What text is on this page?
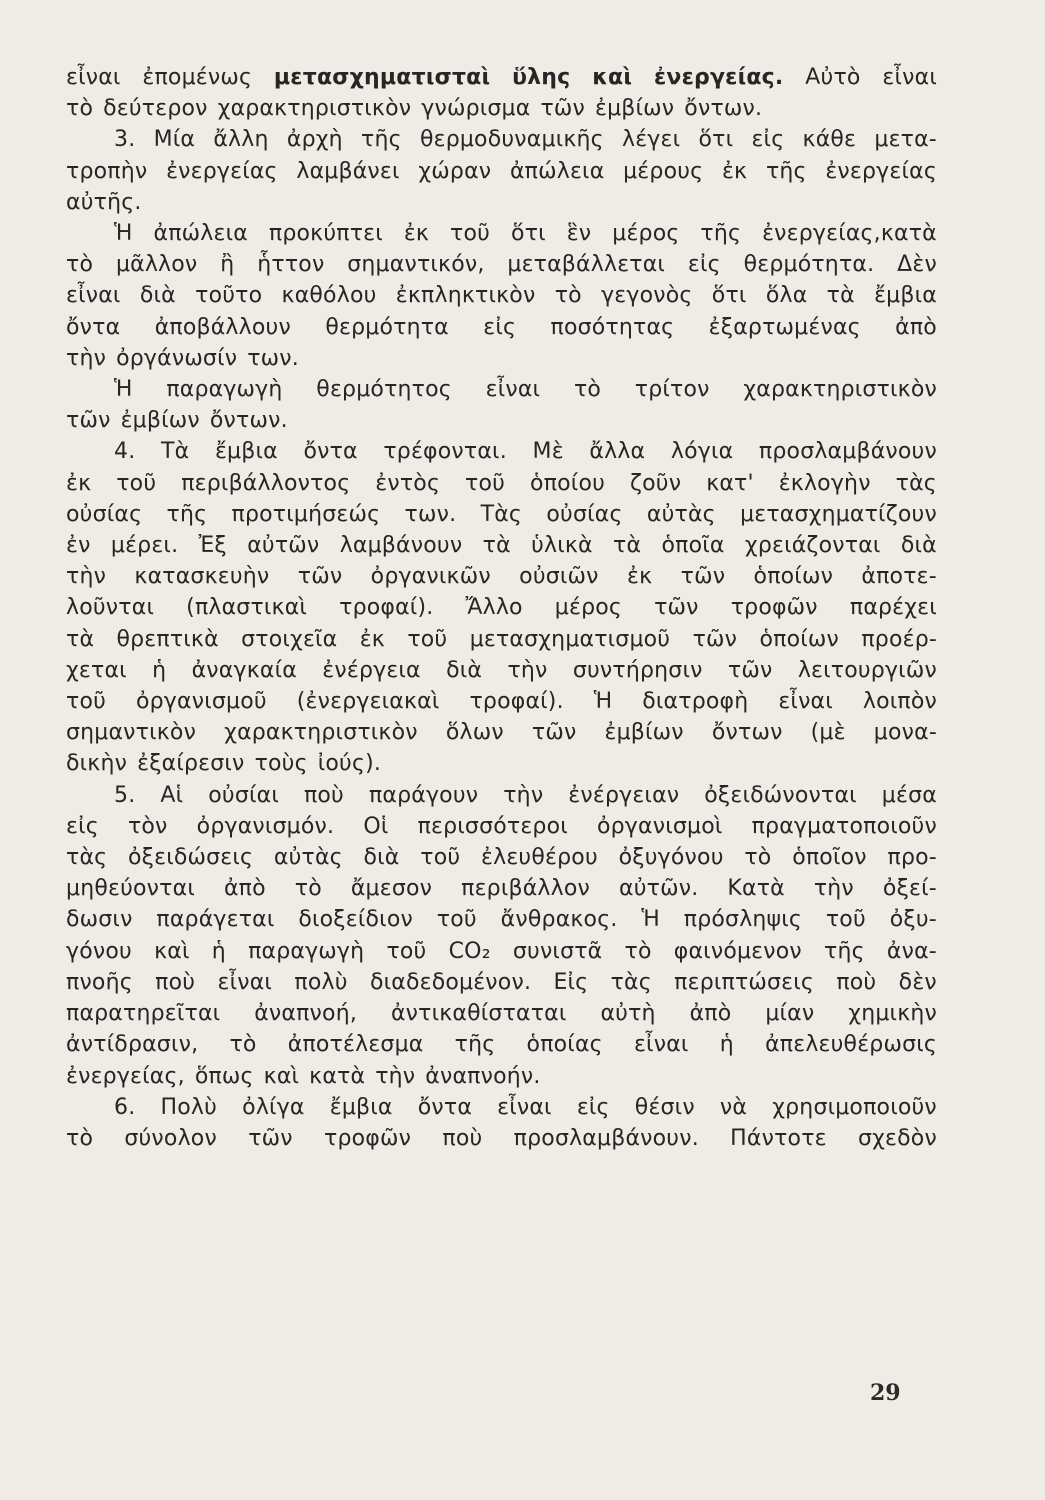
εἶναι ἐπομένως μετασχηματισταὶ ὕλης καὶ ἐνεργείας. Αὐτὸ εἶναι
τὸ δεύτερον χαρακτηριστικὸν γνώρισμα τῶν ἐμβίων ὄντων.
3. Μία ἄλλη ἀρχὴ τῆς θερμοδυναμικῆς λέγει ὅτι εἰς κάθε μετα-
τροπὴν ἐνεργείας λαμβάνει χώραν ἀπώλεια μέρους ἐκ τῆς ἐνεργείας
αὐτῆς.
Ἡ ἀπώλεια προκύπτει ἐκ τοῦ ὅτι ἓν μέρος τῆς ἐνεργείας,κατὰ
τὸ μᾶλλον ἢ ἧττον σημαντικόν, μεταβάλλεται εἰς θερμότητα. Δὲν
εἶναι διὰ τοῦτο καθόλου ἐκπληκτικὸν τὸ γεγονὸς ὅτι ὅλα τὰ ἔμβια
ὄντα ἀποβάλλουν θερμότητα εἰς ποσότητας ἐξαρτωμένας ἀπὸ
τὴν ὀργάνωσίν των.
Ἡ παραγωγὴ θερμότητος εἶναι τὸ τρίτον χαρακτηριστικὸν
τῶν ἐμβίων ὄντων.
4. Τὰ ἔμβια ὄντα τρέφονται. Μὲ ἄλλα λόγια προσλαμβάνουν
ἐκ τοῦ περιβάλλοντος ἐντὸς τοῦ ὁποίου ζοῦν κατ' ἐκλογὴν τὰς
οὐσίας τῆς προτιμήσεώς των. Τὰς οὐσίας αὐτὰς μετασχηματίζουν
ἐν μέρει. Ἐξ αὐτῶν λαμβάνουν τὰ ὑλικὰ τὰ ὁποῖα χρειάζονται διὰ
τὴν κατασκευὴν τῶν ὀργανικῶν οὐσιῶν ἐκ τῶν ὁποίων ἀποτε-
λοῦνται (πλαστικαὶ τροφαί). Ἄλλο μέρος τῶν τροφῶν παρέχει
τὰ θρεπτικὰ στοιχεῖα ἐκ τοῦ μετασχηματισμοῦ τῶν ὁποίων προέρ-
χεται ἡ ἀναγκαία ἐνέργεια διὰ τὴν συντήρησιν τῶν λειτουργιῶν
τοῦ ὀργανισμοῦ (ἐνεργειακαὶ τροφαί). Ἡ διατροφὴ εἶναι λοιπὸν
σημαντικὸν χαρακτηριστικὸν ὅλων τῶν ἐμβίων ὄντων (μὲ μονα-
δικὴν ἐξαίρεσιν τοὺς ἰούς).
5. Αἱ οὐσίαι ποὺ παράγουν τὴν ἐνέργειαν ὀξειδώνονται μέσα
εἰς τὸν ὀργανισμόν. Οἱ περισσότεροι ὀργανισμοὶ πραγματοποιοῦν
τὰς ὀξειδώσεις αὐτὰς διὰ τοῦ ἐλευθέρου ὀξυγόνου τὸ ὁποῖον προ-
μηθεύονται ἀπὸ τὸ ἄμεσον περιβάλλον αὐτῶν. Κατὰ τὴν ὀξεί-
δωσιν παράγεται διοξείδιον τοῦ ἄνθρακος. Ἡ πρόσληψις τοῦ ὀξυ-
γόνου καὶ ἡ παραγωγὴ τοῦ CO₂ συνιστᾶ τὸ φαινόμενον τῆς ἀνα-
πνοῆς ποὺ εἶναι πολὺ διαδεδομένον. Εἰς τὰς περιπτώσεις ποὺ δὲν
παρατηρεῖται ἀναπνοή, ἀντικαθίσταται αὐτὴ ἀπὸ μίαν χημικὴν
ἀντίδρασιν, τὸ ἀποτέλεσμα τῆς ὁποίας εἶναι ἡ ἀπελευθέρωσις
ἐνεργείας, ὅπως καὶ κατὰ τὴν ἀναπνοήν.
6. Πολὺ ὀλίγα ἔμβια ὄντα εἶναι εἰς θέσιν νὰ χρησιμοποιοῦν
τὸ σύνολον τῶν τροφῶν ποὺ προσλαμβάνουν. Πάντοτε σχεδὸν
29
